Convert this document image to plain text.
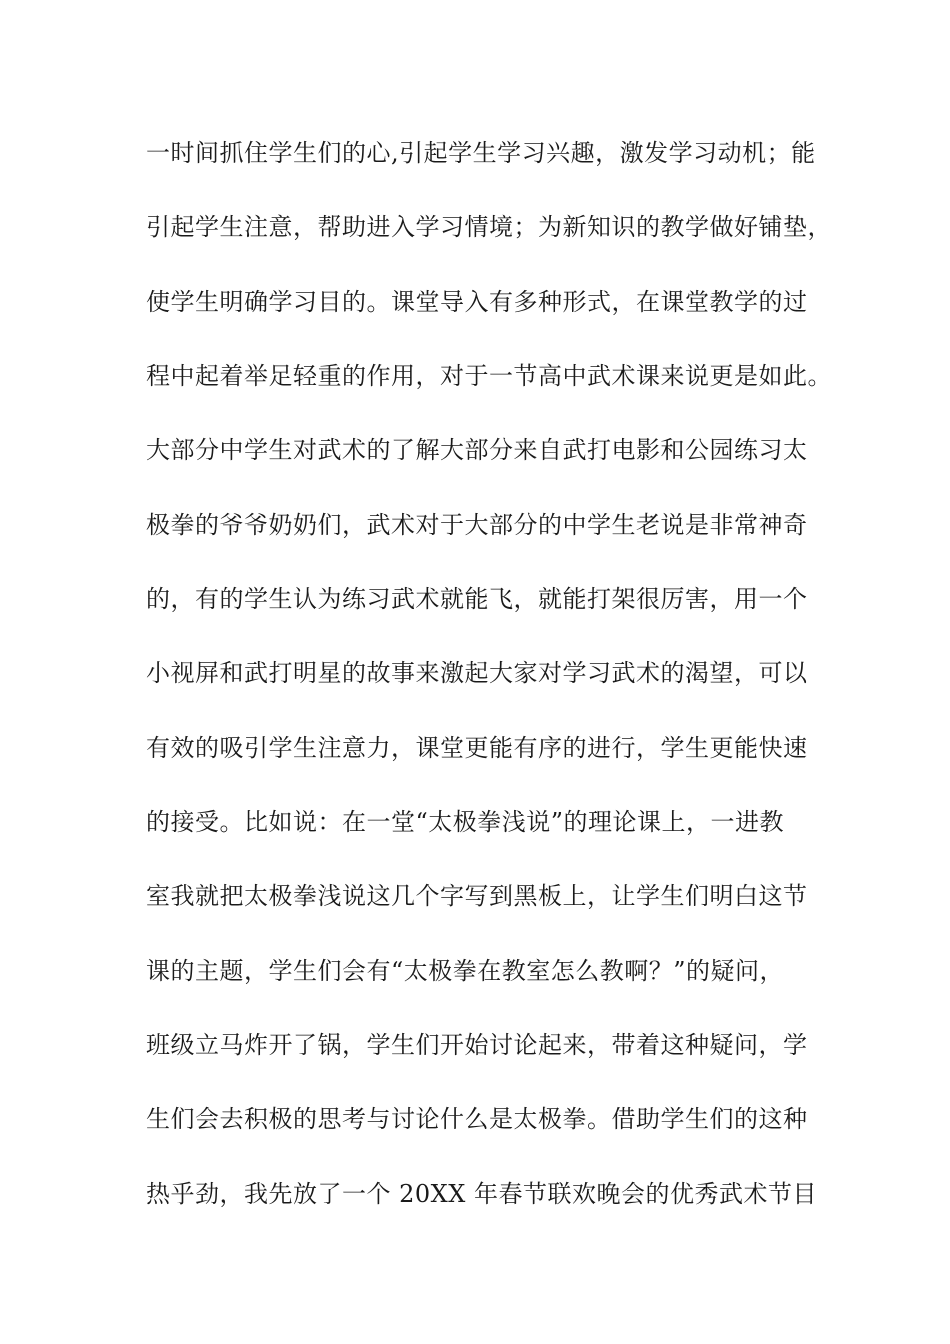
一时间抓住学生们的心,引起学生学习兴趣，激发学习动机；能
引起学生注意，帮助进入学习情境；为新知识的教学做好铺垫，
使学生明确学习目的。课堂导入有多种形式，在课堂教学的过
程中起着举足轻重的作用，对于一节高中武术课来说更是如此。
大部分中学生对武术的了解大部分来自武打电影和公园练习太
极拳的爷爷奶奶们，武术对于大部分的中学生老说是非常神奇
的，有的学生认为练习武术就能飞，就能打架很厉害，用一个
小视屏和武打明星的故事来激起大家对学习武术的渴望，可以
有效的吸引学生注意力，课堂更能有序的进行，学生更能快速
的接受。比如说：在一堂“太极拳浅说”的理论课上，一进教
室我就把太极拳浅说这几个字写到黑板上，让学生们明白这节
课的主题，学生们会有“太极拳在教室怎么教啊？”的疑问，
班级立马炸开了锅，学生们开始讨论起来，带着这种疑问，学
生们会去积极的思考与讨论什么是太极拳。借助学生们的这种
热乎劲，我先放了一个 20XX 年春节联欢晚会的优秀武术节目
